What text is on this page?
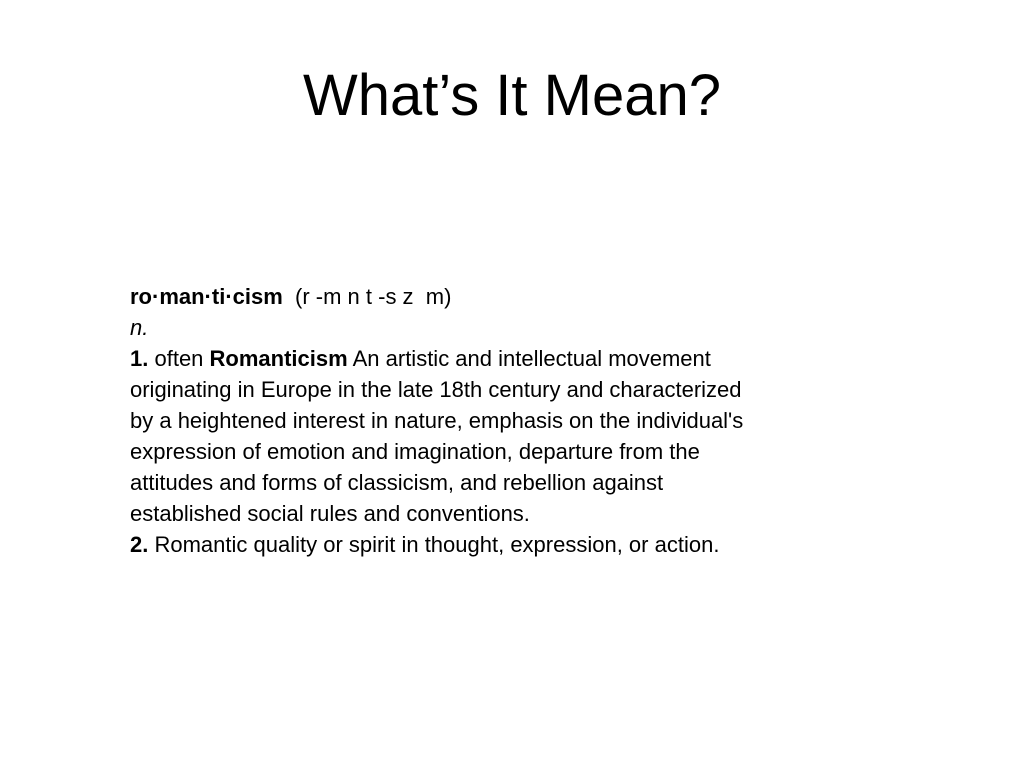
What’s It Mean?
ro·man·ti·cism  (r -m n t -s z  m)
n.
1. often Romanticism An artistic and intellectual movement
originating in Europe in the late 18th century and characterized
by a heightened interest in nature, emphasis on the individual's
expression of emotion and imagination, departure from the
attitudes and forms of classicism, and rebellion against
established social rules and conventions.
2. Romantic quality or spirit in thought, expression, or action.
